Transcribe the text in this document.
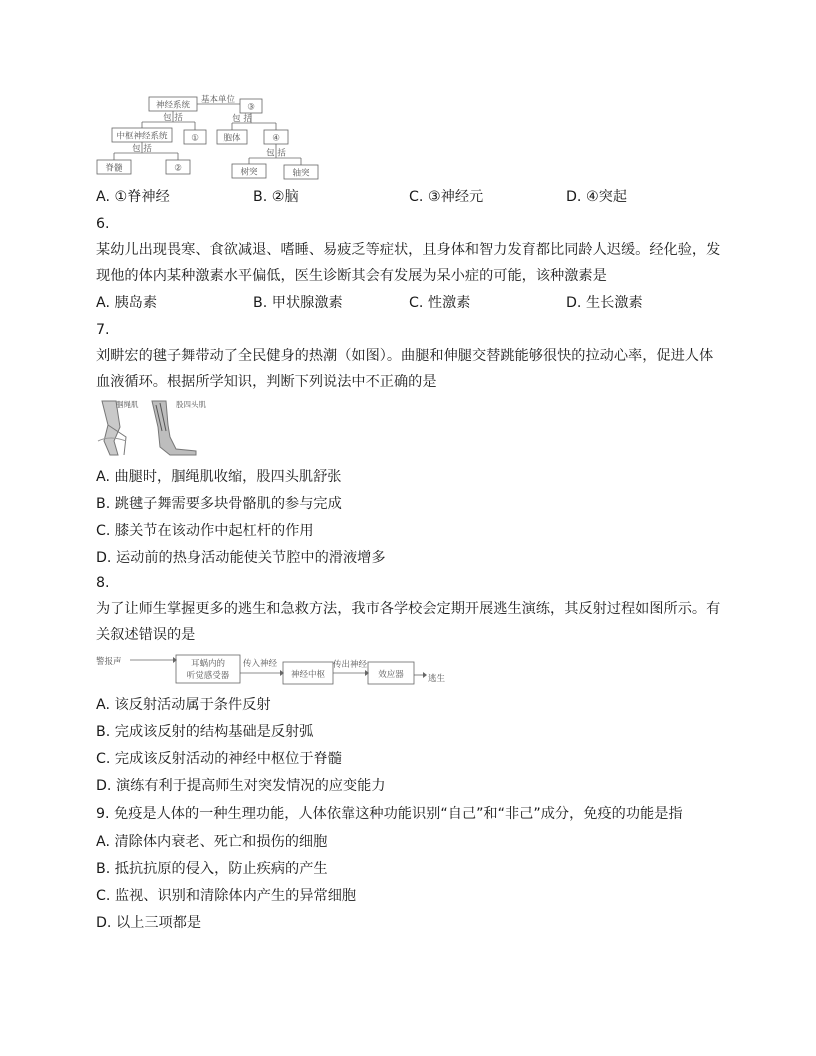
神经系统
基本单位
③
包 括	包 括
中枢神经系统	①	胞体	④
包 括	包 括
脊髓	②	树突	轴突
A. ①脊神经	B. ②脑	C. ③神经元	D. ④突起
6.
某幼儿出现畏寒、食欲减退、嗜睡、易疲乏等症状，且身体和智力发育都比同龄人迟缓。经化验，发
现他的体内某种激素水平偏低，医生诊断其会有发展为呆小症的可能，该种激素是
A. 胰岛素	B. 甲状腺激素	C. 性激素	D. 生长激素
7.
刘畊宏的毽子舞带动了全民健身的热潮（如图）。曲腿和伸腿交替跳能够很快的拉动心率，促进人体
血液循环。根据所学知识，判断下列说法中不正确的是
腘绳肌	股四头肌
A. 曲腿时，腘绳肌收缩，股四头肌舒张
B. 跳毽子舞需要多块骨骼肌的参与完成
C. 膝关节在该动作中起杠杆的作用
D. 运动前的热身活动能使关节腔中的滑液增多
8.
为了让师生掌握更多的逃生和急救方法，我市各学校会定期开展逃生演练，其反射过程如图所示。有
关叙述错误的是
警报声	耳蜗内的
听觉感受器
传入神经
神经中枢
传出神经
效应器	逃生
A. 该反射活动属于条件反射
B. 完成该反射的结构基础是反射弧
C. 完成该反射活动的神经中枢位于脊髓
D. 演练有利于提高师生对突发情况的应变能力
9. 免疫是人体的一种生理功能，人体依靠这种功能识别“自己”和“非己”成分，免疫的功能是指
A. 清除体内衰老、死亡和损伤的细胞
B. 抵抗抗原的侵入，防止疾病的产生
C. 监视、识别和清除体内产生的异常细胞
D. 以上三项都是
